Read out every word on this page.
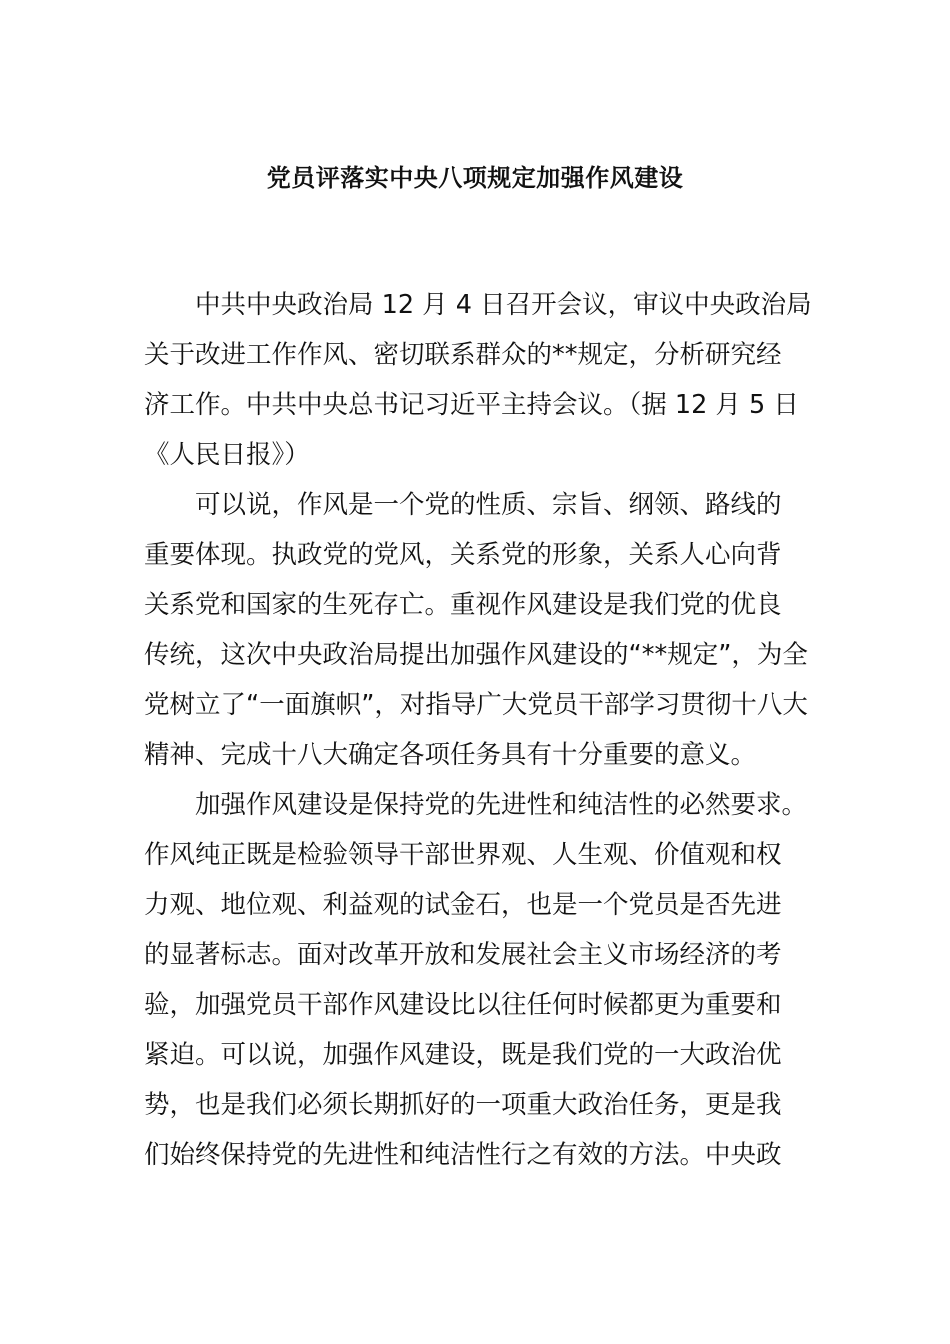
党员评落实中央八项规定加强作风建设
中共中央政治局 12 月 4 日召开会议，审议中央政治局
关于改进工作作风、密切联系群众的**规定，分析研究经
济工作。中共中央总书记习近平主持会议。（据 12 月 5 日
《人民日报》）
可以说，作风是一个党的性质、宗旨、纲领、路线的
重要体现。执政党的党风，关系党的形象，关系人心向背
关系党和国家的生死存亡。重视作风建设是我们党的优良
传统，这次中央政治局提出加强作风建设的“**规定”，为全
党树立了“一面旗帜”，对指导广大党员干部学习贯彻十八大
精神、完成十八大确定各项任务具有十分重要的意义。
加强作风建设是保持党的先进性和纯洁性的必然要求。
作风纯正既是检验领导干部世界观、人生观、价值观和权
力观、地位观、利益观的试金石，也是一个党员是否先进
的显著标志。面对改革开放和发展社会主义市场经济的考
验，加强党员干部作风建设比以往任何时候都更为重要和
紧迫。可以说，加强作风建设，既是我们党的一大政治优
势，也是我们必须长期抓好的一项重大政治任务，更是我
们始终保持党的先进性和纯洁性行之有效的方法。中央政
